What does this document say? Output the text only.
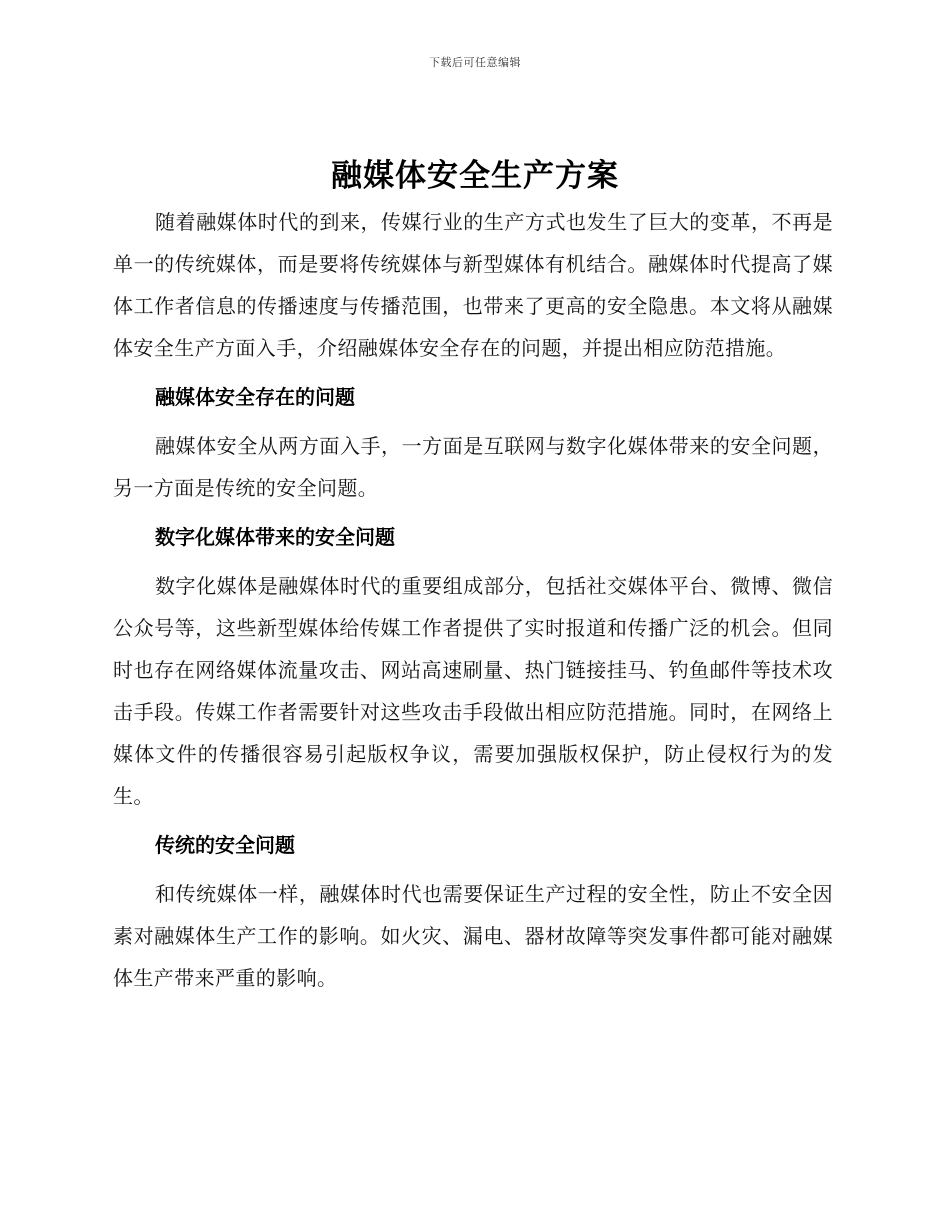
下载后可任意编辑
融媒体安全生产方案

随着融媒体时代的到来，传媒行业的生产方式也发生了巨大的变革，不再是单一的传统媒体，而是要将传统媒体与新型媒体有机结合。融媒体时代提高了媒体工作者信息的传播速度与传播范围，也带来了更高的安全隐患。本文将从融媒体安全生产方面入手，介绍融媒体安全存在的问题，并提出相应防范措施。

融媒体安全存在的问题

融媒体安全从两方面入手，一方面是互联网与数字化媒体带来的安全问题，另一方面是传统的安全问题。

数字化媒体带来的安全问题

数字化媒体是融媒体时代的重要组成部分，包括社交媒体平台、微博、微信公众号等，这些新型媒体给传媒工作者提供了实时报道和传播广泛的机会。但同时也存在网络媒体流量攻击、网站高速刷量、热门链接挂马、钓鱼邮件等技术攻击手段。传媒工作者需要针对这些攻击手段做出相应防范措施。同时，在网络上媒体文件的传播很容易引起版权争议，需要加强版权保护，防止侵权行为的发生。

传统的安全问题

和传统媒体一样，融媒体时代也需要保证生产过程的安全性，防止不安全因素对融媒体生产工作的影响。如火灾、漏电、器材故障等突发事件都可能对融媒体生产带来严重的影响。
